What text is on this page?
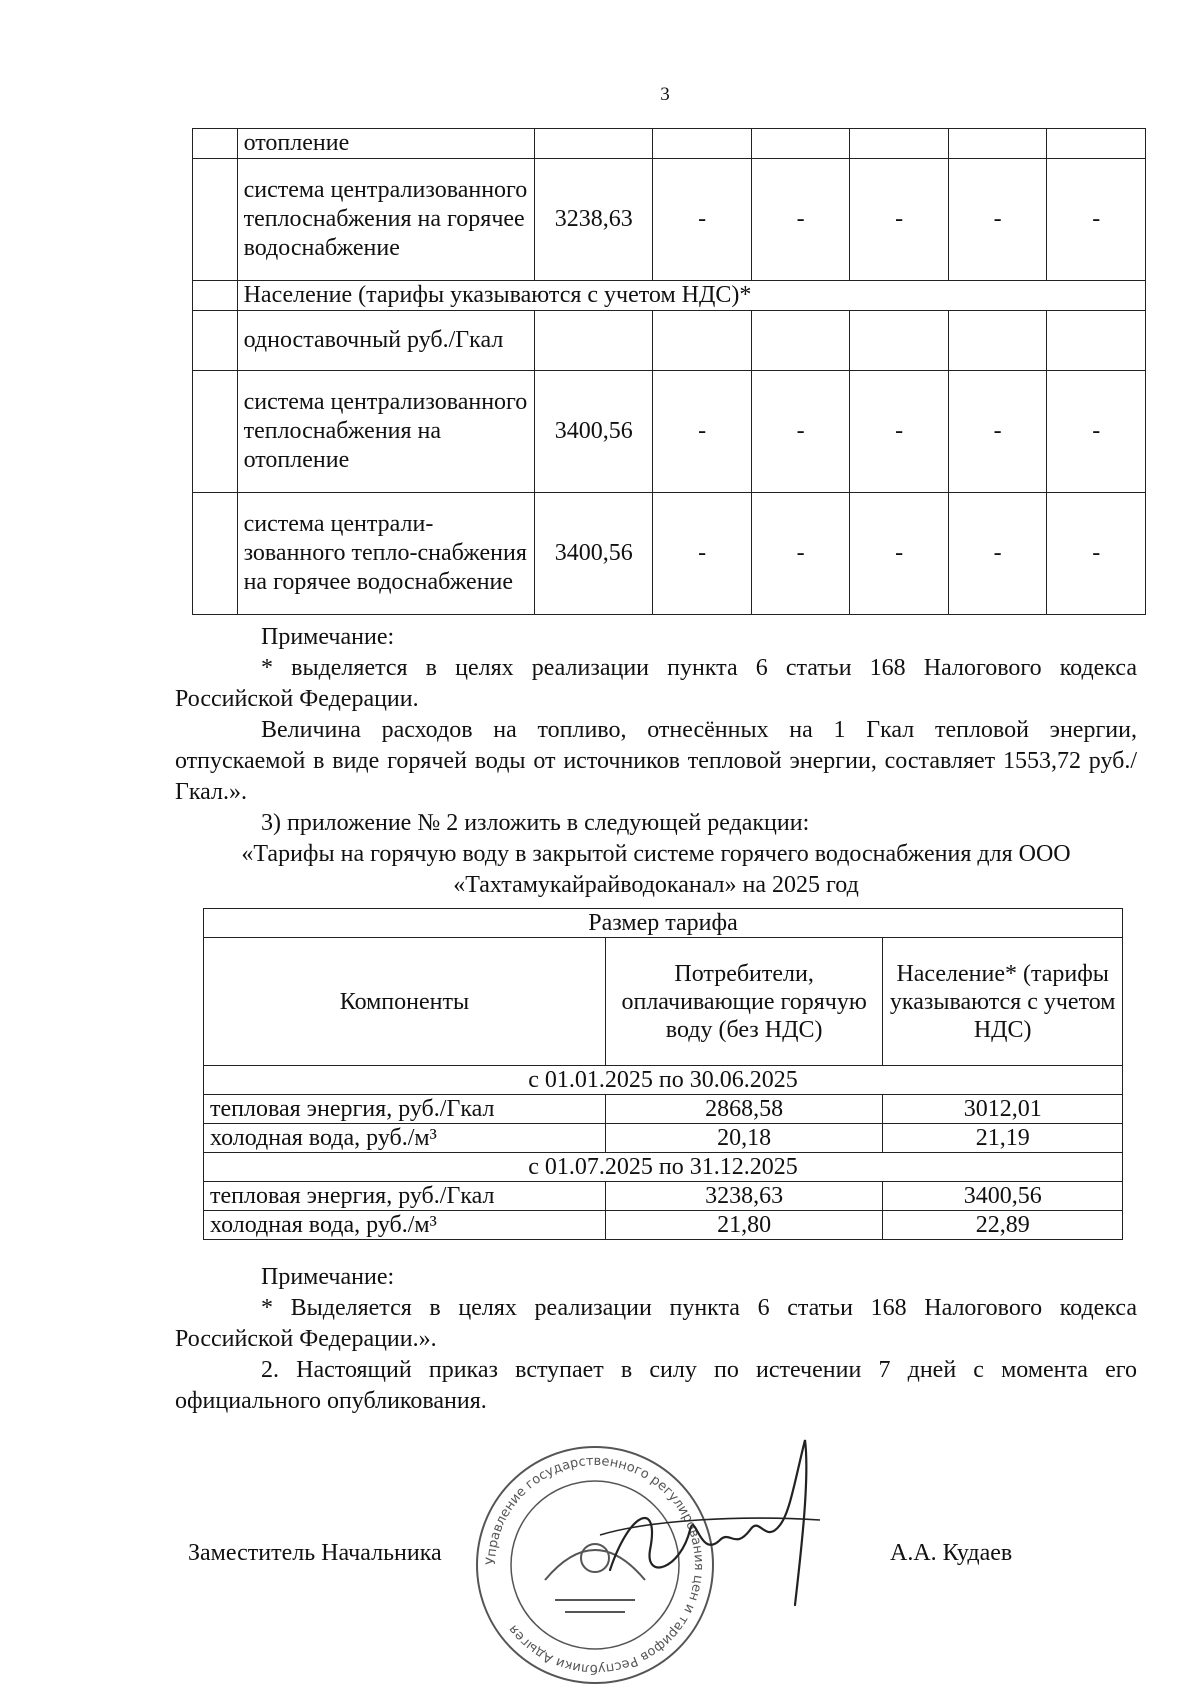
3
	отопление						
	система централизованного теплоснабжения на горячее водоснабжение	3238,63	-	-	-	-	-
	Население (тарифы указываются с учетом НДС)*						
	одноставочный руб./Гкал						
	система централизованного теплоснабжения на отопление	3400,56	-	-	-	-	-
	система централи-зованного тепло-снабжения на горячее водоснабжение	3400,56	-	-	-	-	-
Примечание:
* выделяется в целях реализации пункта 6 статьи 168 Налогового кодекса Российской Федерации.
Величина расходов на топливо, отнесённых на 1 Гкал тепловой энергии, отпускаемой в виде горячей воды от источников тепловой энергии, составляет 1553,72 руб./Гкал.».
3) приложение № 2 изложить в следующей редакции:
«Тарифы на горячую воду в закрытой системе горячего водоснабжения для ООО «Тахтамукайрайводоканал» на 2025 год
Размер тарифа		
Компоненты	Потребители, оплачивающие горячую воду (без НДС)	Население* (тарифы указываются с учетом НДС)
с 01.01.2025 по 30.06.2025		
тепловая энергия, руб./Гкал	2868,58	3012,01
холодная вода, руб./м³	20,18	21,19
с 01.07.2025 по 31.12.2025		
тепловая энергия, руб./Гкал	3238,63	3400,56
холодная вода, руб./м³	21,80	22,89
Примечание:
* Выделяется в целях реализации пункта 6 статьи 168 Налогового кодекса Российской Федерации.».
2. Настоящий приказ вступает в силу по истечении 7 дней с момента его официального опубликования.
Управление государственного регулирования цен и тарифов Республики Адыгея
Заместитель Начальника	А.А. Кудаев
